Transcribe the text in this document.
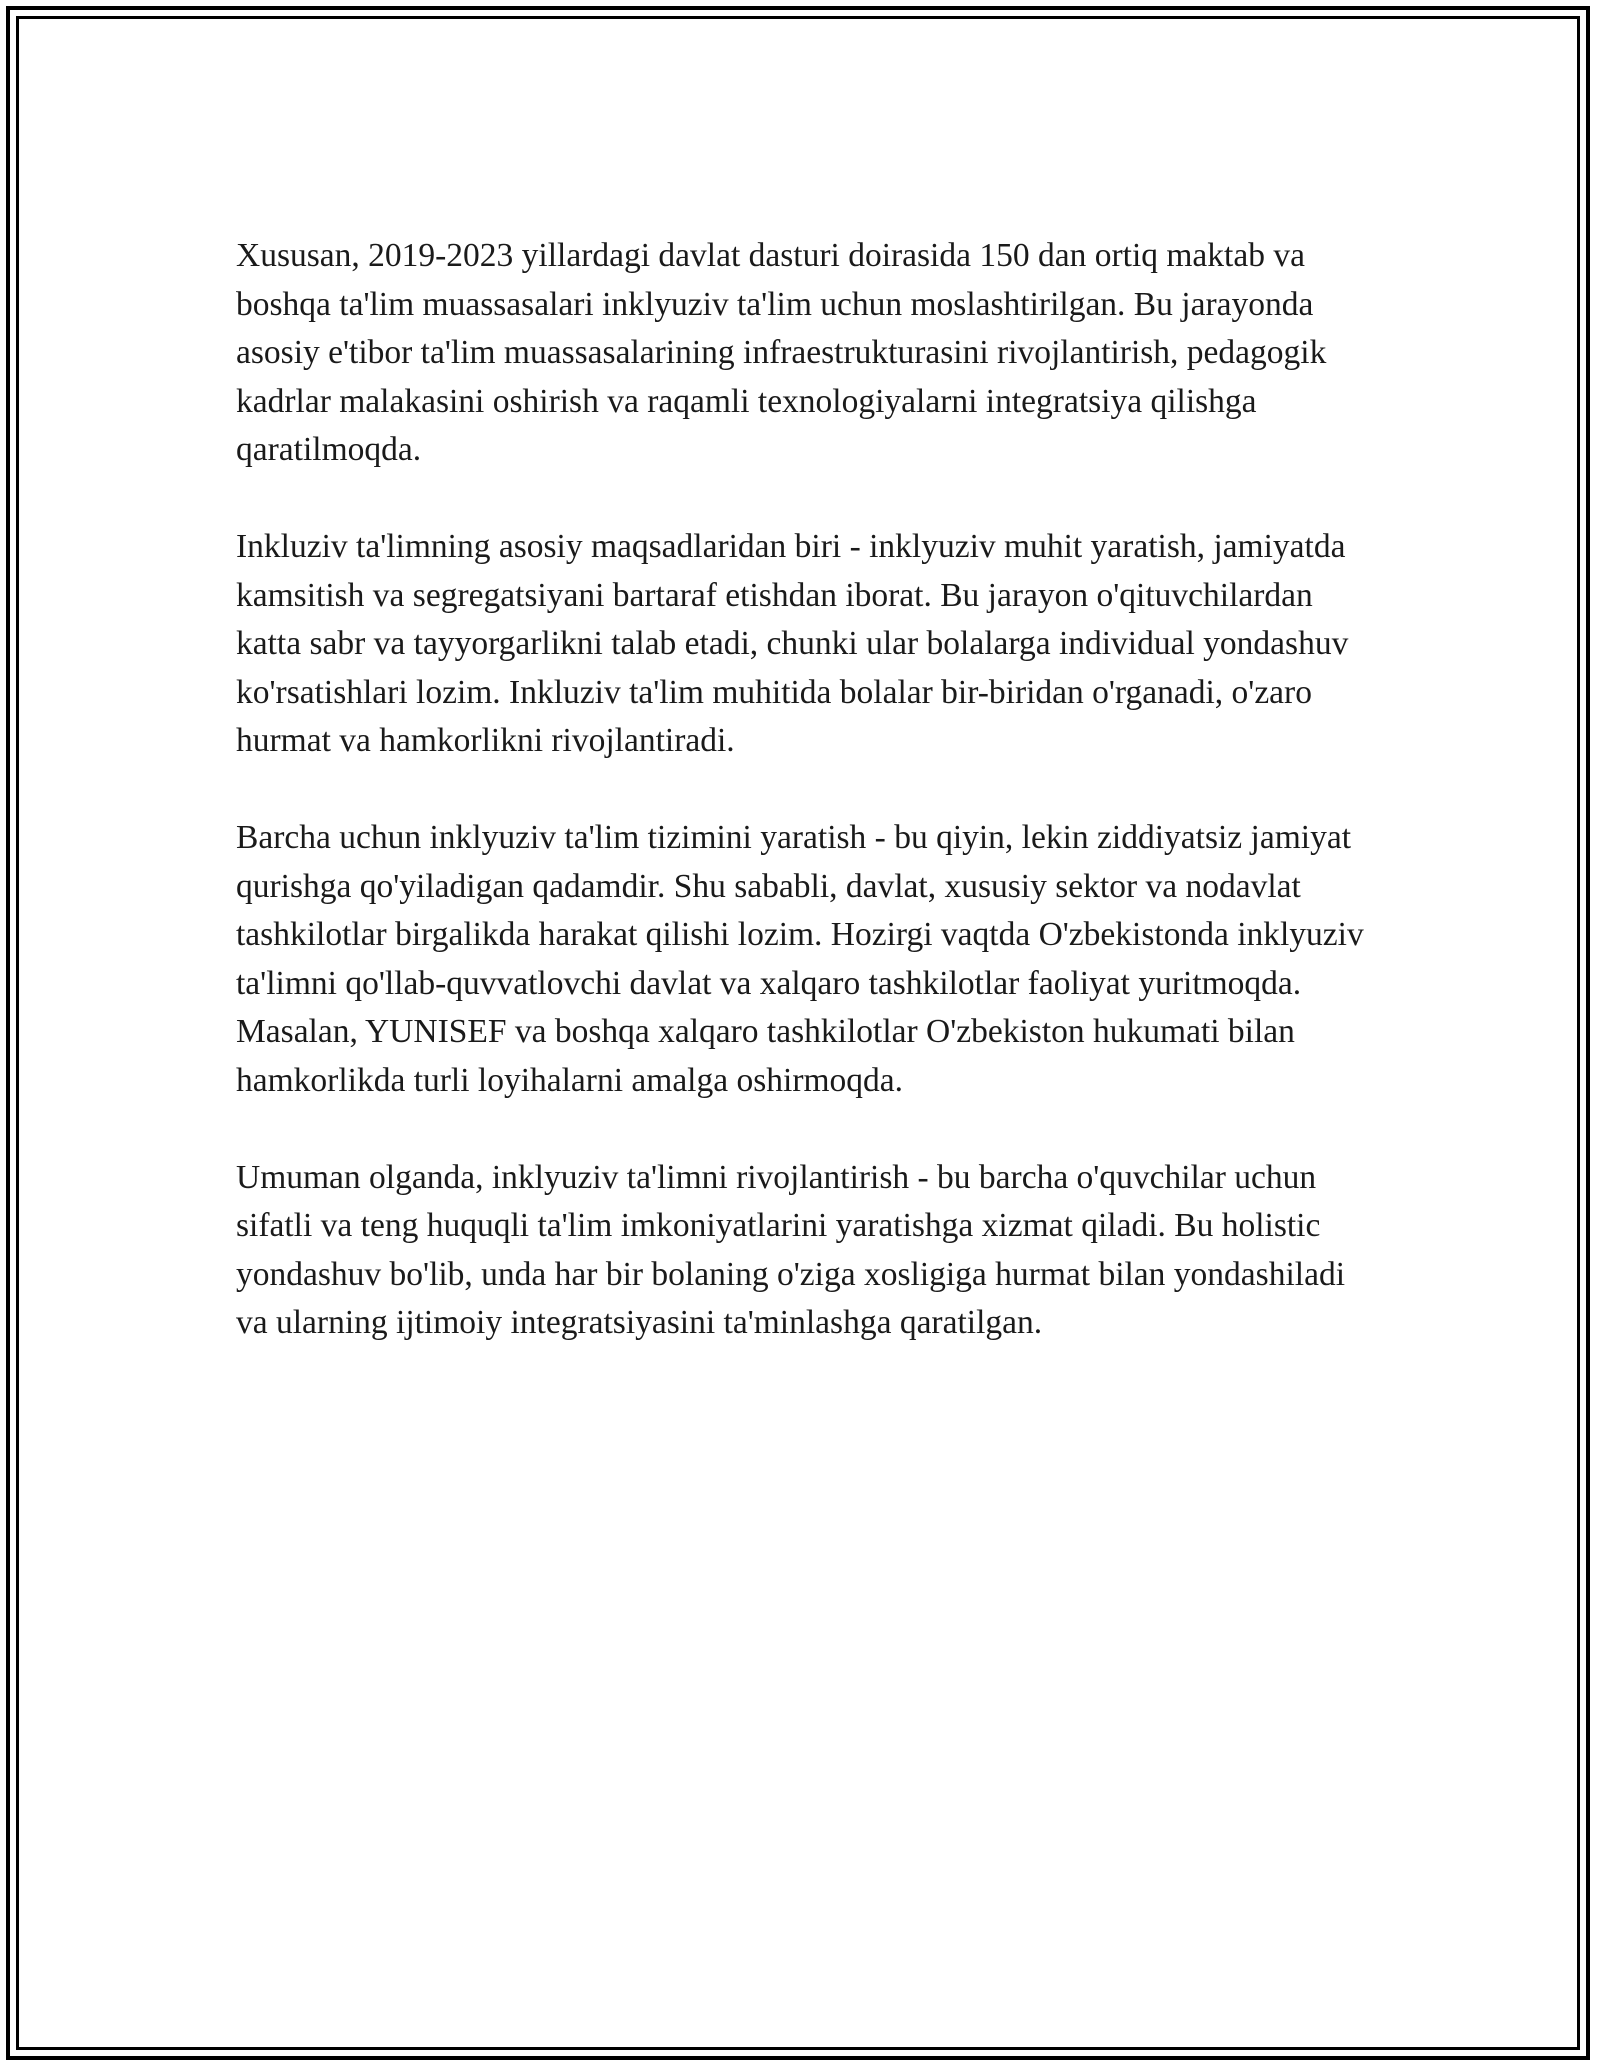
Xususan, 2019-2023 yillardagi davlat dasturi doirasida 150 dan ortiq maktab va boshqa ta'lim muassasalari inklyuziv ta'lim uchun moslashtirilgan. Bu jarayonda asosiy e'tibor ta'lim muassasalarining infraestrukturasini rivojlantirish, pedagogik kadrlar malakasini oshirish va raqamli texnologiyalarni integratsiya qilishga qaratilmoqda.

Inkluziv ta'limning asosiy maqsadlaridan biri - inklyuziv muhit yaratish, jamiyatda kamsitish va segregatsiyani bartaraf etishdan iborat. Bu jarayon o'qituvchilardan katta sabr va tayyorgarlikni talab etadi, chunki ular bolalarga individual yondashuv ko'rsatishlari lozim. Inkluziv ta'lim muhitida bolalar bir-biridan o'rganadi, o'zaro hurmat va hamkorlikni rivojlantiradi.

Barcha uchun inklyuziv ta'lim tizimini yaratish - bu qiyin, lekin ziddiyatsiz jamiyat qurishga qo'yiladigan qadamdir. Shu sababli, davlat, xususiy sektor va nodavlat tashkilotlar birgalikda harakat qilishi lozim. Hozirgi vaqtda O'zbekistonda inklyuziv ta'limni qo'llab-quvvatlovchi davlat va xalqaro tashkilotlar faoliyat yuritmoqda. Masalan, YUNISEF va boshqa xalqaro tashkilotlar O'zbekiston hukumati bilan hamkorlikda turli loyihalarni amalga oshirmoqda.

Umuman olganda, inklyuziv ta'limni rivojlantirish - bu barcha o'quvchilar uchun sifatli va teng huquqli ta'lim imkoniyatlarini yaratishga xizmat qiladi. Bu holistic yondashuv bo'lib, unda har bir bolaning o'ziga xosligiga hurmat bilan yondashiladi va ularning ijtimoiy integratsiyasini ta'minlashga qaratilgan.
